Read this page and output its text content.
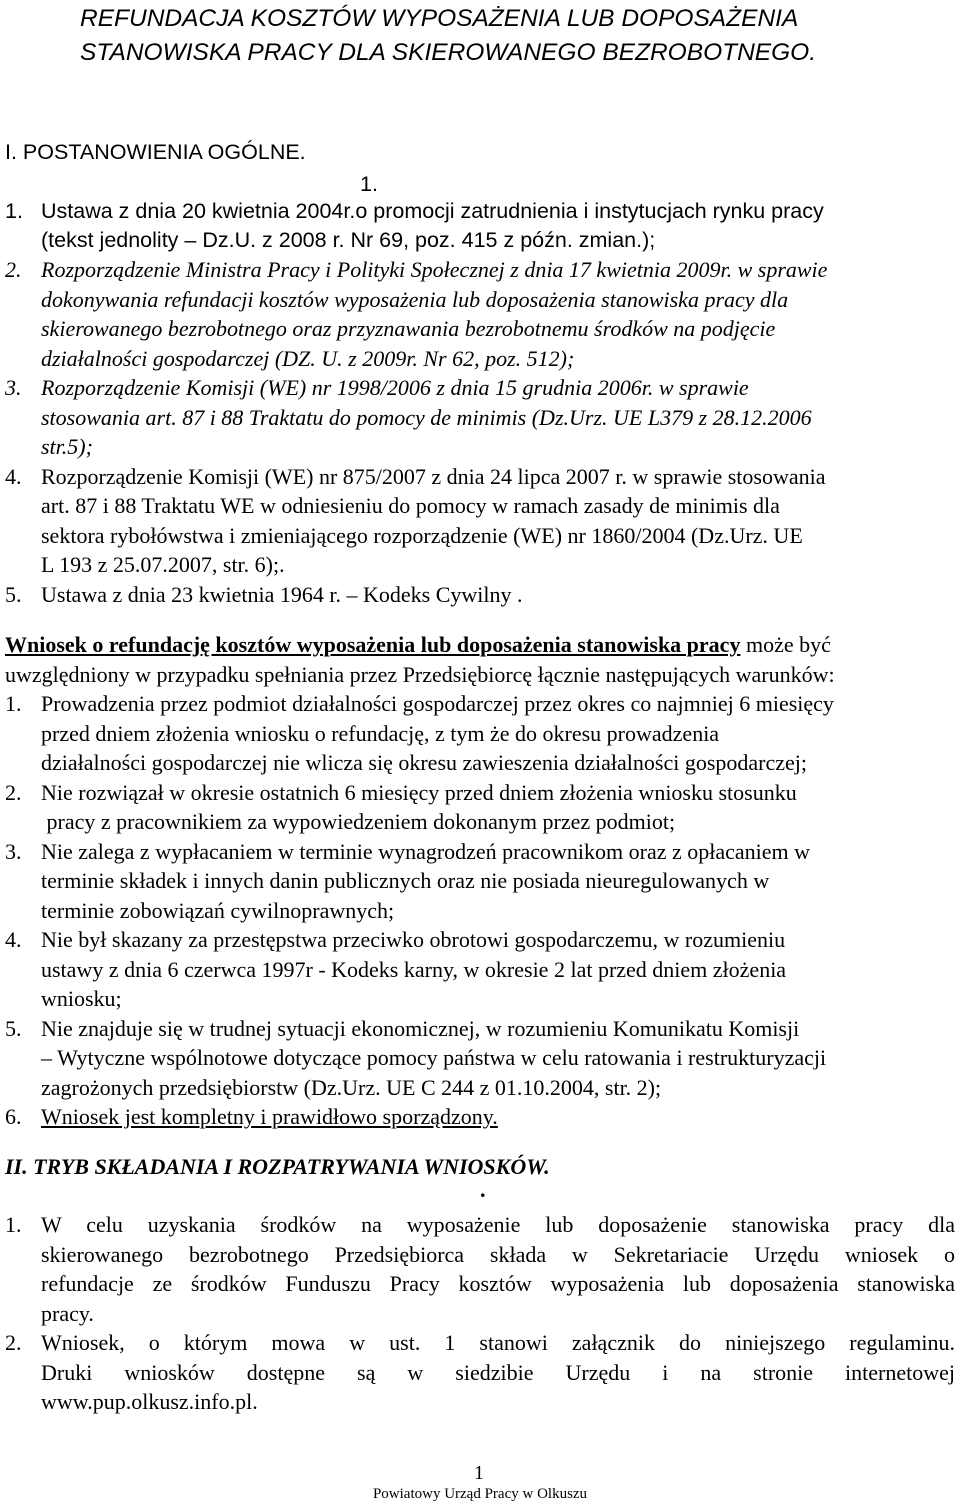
REFUNDACJA KOSZTÓW WYPOSAŻENIA LUB DOPOSAŻENIA
STANOWISKA PRACY DLA SKIEROWANEGO BEZROBOTNEGO.
I. POSTANOWIENIA OGÓLNE.
1.
1. Ustawa z dnia 20 kwietnia 2004r.o promocji zatrudnienia i instytucjach rynku pracy
(tekst jednolity – Dz.U. z 2008 r. Nr 69, poz. 415 z późn. zmian.);
2. Rozporządzenie Ministra Pracy i Polityki Społecznej z dnia 17 kwietnia 2009r. w sprawie
dokonywania refundacji kosztów wyposażenia lub doposażenia stanowiska pracy dla
skierowanego bezrobotnego oraz przyznawania bezrobotnemu środków na podjęcie
działalności gospodarczej (DZ. U. z 2009r. Nr 62, poz. 512);
3. Rozporządzenie Komisji (WE) nr 1998/2006 z dnia 15 grudnia 2006r. w sprawie
stosowania art. 87 i 88 Traktatu do pomocy de minimis (Dz.Urz. UE L379 z 28.12.2006
str.5);
4. Rozporządzenie Komisji (WE) nr 875/2007 z dnia 24 lipca 2007 r. w sprawie stosowania
art. 87 i 88 Traktatu WE w odniesieniu do pomocy w ramach zasady de minimis dla
sektora rybołówstwa i zmieniającego rozporządzenie (WE) nr 1860/2004 (Dz.Urz. UE
L 193 z 25.07.2007, str. 6);.
5. Ustawa z dnia 23 kwietnia 1964 r. – Kodeks Cywilny .
Wniosek o refundację kosztów wyposażenia lub doposażenia stanowiska pracy może być
uwzględniony w przypadku spełniania przez Przedsiębiorcę łącznie następujących warunków:
1. Prowadzenia przez podmiot działalności gospodarczej przez okres co najmniej 6 miesięcy
przed dniem złożenia wniosku o refundację, z tym że do okresu prowadzenia
działalności gospodarczej nie wlicza się okresu zawieszenia działalności gospodarczej;
2. Nie rozwiązał w okresie ostatnich 6 miesięcy przed dniem złożenia wniosku stosunku
pracy z pracownikiem za wypowiedzeniem dokonanym przez podmiot;
3. Nie zalega z wypłacaniem w terminie wynagrodzeń pracownikom oraz z opłacaniem w
terminie składek i innych danin publicznych oraz nie posiada nieuregulowanych w
terminie zobowiązań cywilnoprawnych;
4. Nie był skazany za przestępstwa przeciwko obrotowi gospodarczemu, w rozumieniu
ustawy z dnia 6 czerwca 1997r - Kodeks karny, w okresie 2 lat przed dniem złożenia
wniosku;
5. Nie znajduje się w trudnej sytuacji ekonomicznej, w rozumieniu Komunikatu Komisji
– Wytyczne wspólnotowe dotyczące pomocy państwa w celu ratowania i restrukturyzacji
zagrożonych przedsiębiorstw (Dz.Urz. UE C 244 z 01.10.2004, str. 2);
6. Wniosek jest kompletny i prawidłowo sporządzony.
II. TRYB SKŁADANIA I ROZPATRYWANIA WNIOSKÓW.
.
1. W celu uzyskania środków na wyposażenie lub doposażenie stanowiska pracy dla
skierowanego bezrobotnego Przedsiębiorca składa w Sekretariacie Urzędu wniosek o
refundacje ze środków Funduszu Pracy kosztów wyposażenia lub doposażenia stanowiska
pracy.
2. Wniosek, o którym mowa w ust. 1 stanowi załącznik do niniejszego regulaminu.
Druki wniosków dostępne są w siedzibie Urzędu i na stronie internetowej
www.pup.olkusz.info.pl.
1
Powiatowy Urząd Pracy w Olkuszu
